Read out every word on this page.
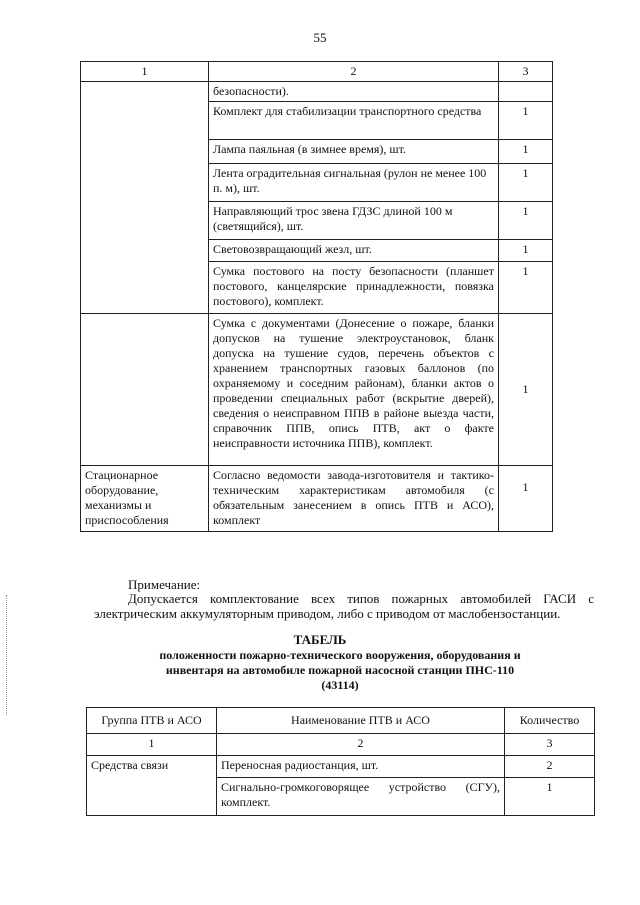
55
1	2	3
	безопасности).	
	Комплект для стабилизации транспортного средства	1
	Лампа паяльная (в зимнее время), шт.	1
	Лента оградительная сигнальная (рулон не менее 100 п. м), шт.	1
	Направляющий трос звена ГДЗС длиной 100 м (светящийся), шт.	1
	Световозвращающий жезл, шт.	1
	Сумка постового на посту безопасности (планшет постового, канцелярские принадлежности, повязка постового), комплект.	1
	Сумка с документами (Донесение о пожаре, бланки допусков на тушение электроустановок, бланк допуска на тушение судов, перечень объектов с хранением транспортных газовых баллонов (по охраняемому и соседним районам), бланки актов о проведении специальных работ (вскрытие дверей), сведения о неисправном ППВ в районе выезда части, справочник ППВ, опись ПТВ, акт о факте неисправности источника ППВ), комплект.	1
Стационарное оборудование, механизмы и приспособления	Согласно ведомости завода-изготовителя и тактико-техническим характеристикам автомобиля (с обязательным занесением в опись ПТВ и АСО), комплект	1
Примечание:
Допускается комплектование всех типов пожарных автомобилей ГАСИ с электрическим аккумуляторным приводом, либо с приводом от маслобензостанции.
ТАБЕЛЬ
положенности пожарно-технического вооружения, оборудования и инвентаря на автомобиле пожарной насосной станции ПНС-110 (43114)
Группа ПТВ и АСО	Наименование ПТВ и АСО	Количество
1	2	3
Средства связи	Переносная радиостанция, шт.	2
	Сигнально-громкоговорящее устройство (СГУ), комплект.	1
